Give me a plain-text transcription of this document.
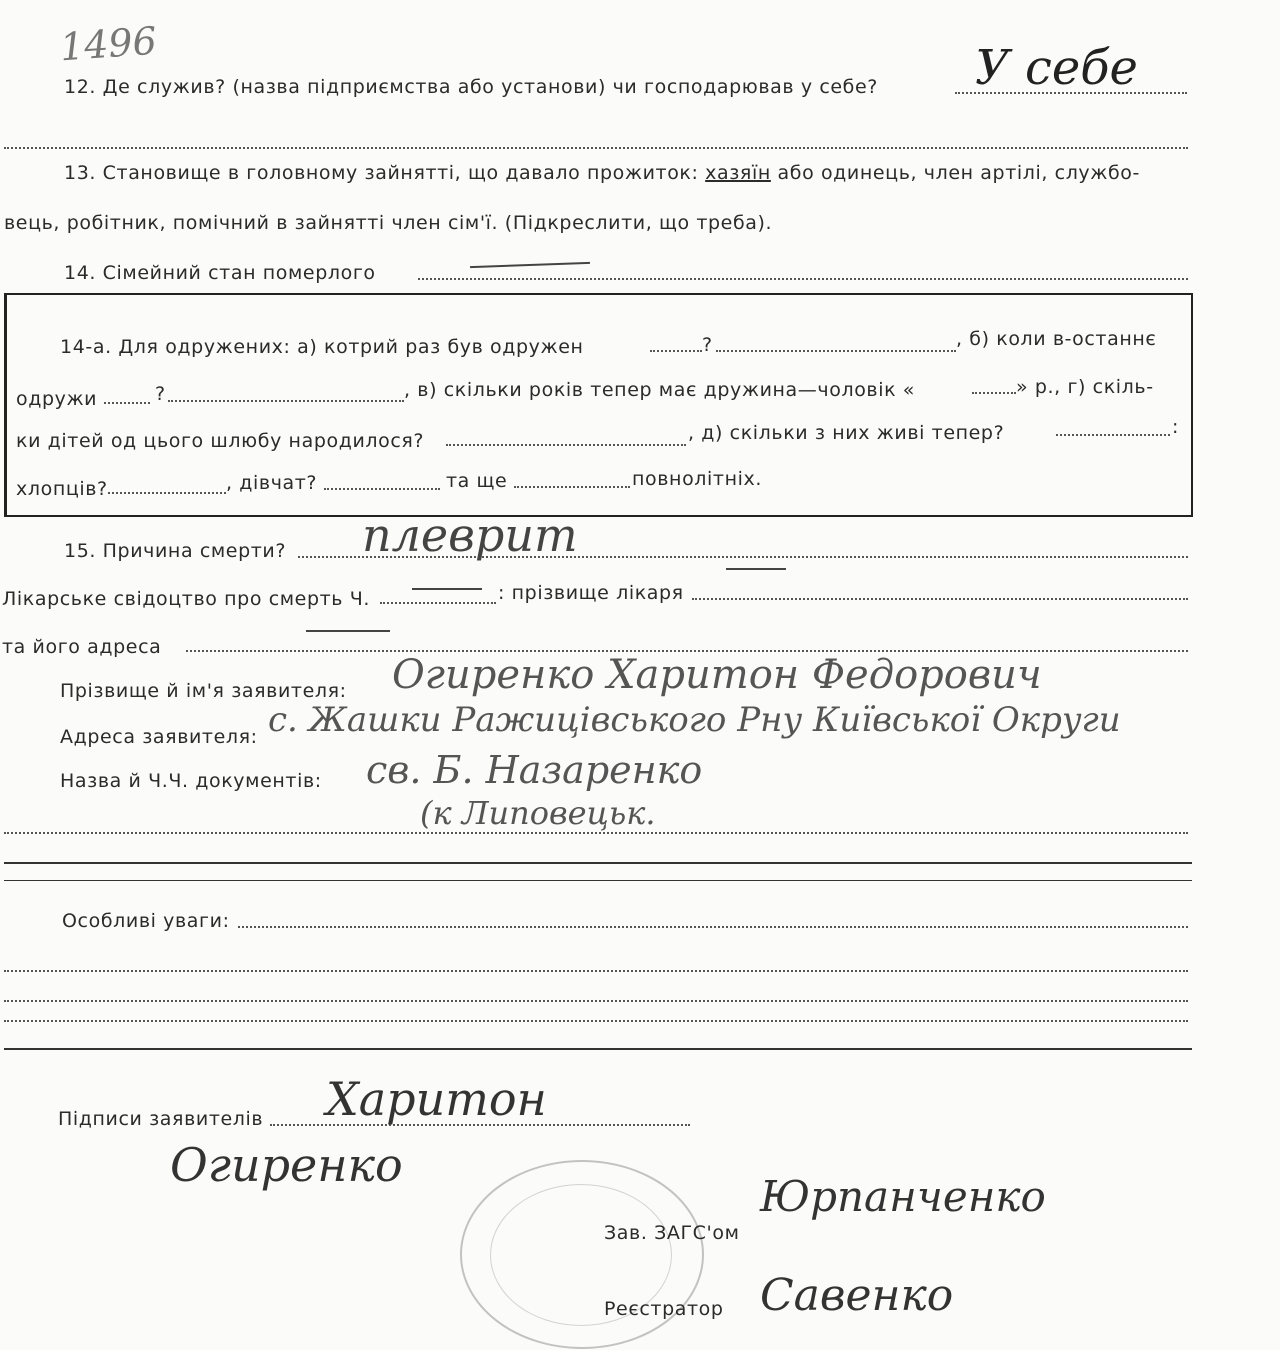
1496
12. Де служив? (назва підприємства або установи) чи господарював у себе? У себе
13. Становище в головному зайнятті, що давало прожиток: хазяїн або одинець, член артілі, службо-
вець, робітник, помічний в зайнятті член сім'ї. (Підкреслити, що треба).
14. Сімейний стан померлого
14-а. Для одружених: а) котрий раз був одружен	?	, б) коли в-останнє
одружи	?	, в) скільки років тепер має дружина—чоловік «	» р., г) скіль-
ки дітей од цього шлюбу народилося?	, д) скільки з них живі тепер?	:
хлопців?	, дівчат?	та ще	повнолітніх.
15. Причина смерти? плеврит
Лікарське свідоцтво про смерть Ч.	: прізвище лікаря
та його адреса
Прізвище й ім'я заявителя: Огиренко Харитон Федорович
Адреса заявителя: с. Жашки Ражицівського Рну Київської Округи
Назва й Ч.Ч. документів: св. Б. Назаренко
(к Липовецьк.
Особливі уваги:
Підписи заявителів Харитон
Огиренко
Зав. ЗАГС'ом
Юрпанченко
Реєстратор Савенко
